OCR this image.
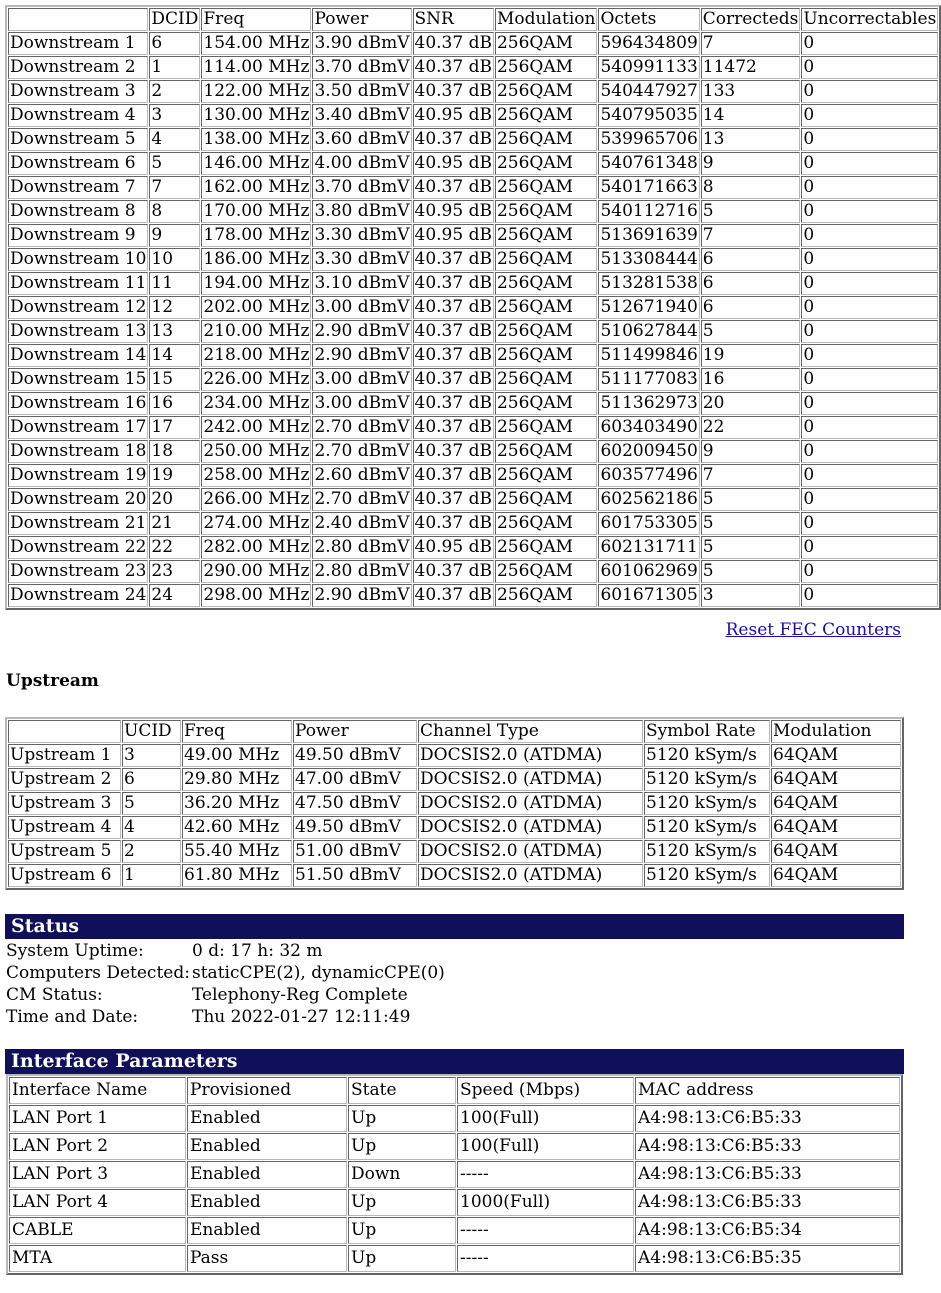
	DCID	Freq	Power	SNR	Modulation	Octets	Correcteds	Uncorrectables
Downstream 1	6	154.00 MHz	3.90 dBmV	40.37 dB	256QAM	596434809	7	0
Downstream 2	1	114.00 MHz	3.70 dBmV	40.37 dB	256QAM	540991133	11472	0
Downstream 3	2	122.00 MHz	3.50 dBmV	40.37 dB	256QAM	540447927	133	0
Downstream 4	3	130.00 MHz	3.40 dBmV	40.95 dB	256QAM	540795035	14	0
Downstream 5	4	138.00 MHz	3.60 dBmV	40.37 dB	256QAM	539965706	13	0
Downstream 6	5	146.00 MHz	4.00 dBmV	40.95 dB	256QAM	540761348	9	0
Downstream 7	7	162.00 MHz	3.70 dBmV	40.37 dB	256QAM	540171663	8	0
Downstream 8	8	170.00 MHz	3.80 dBmV	40.95 dB	256QAM	540112716	5	0
Downstream 9	9	178.00 MHz	3.30 dBmV	40.95 dB	256QAM	513691639	7	0
Downstream 10	10	186.00 MHz	3.30 dBmV	40.37 dB	256QAM	513308444	6	0
Downstream 11	11	194.00 MHz	3.10 dBmV	40.37 dB	256QAM	513281538	6	0
Downstream 12	12	202.00 MHz	3.00 dBmV	40.37 dB	256QAM	512671940	6	0
Downstream 13	13	210.00 MHz	2.90 dBmV	40.37 dB	256QAM	510627844	5	0
Downstream 14	14	218.00 MHz	2.90 dBmV	40.37 dB	256QAM	511499846	19	0
Downstream 15	15	226.00 MHz	3.00 dBmV	40.37 dB	256QAM	511177083	16	0
Downstream 16	16	234.00 MHz	3.00 dBmV	40.37 dB	256QAM	511362973	20	0
Downstream 17	17	242.00 MHz	2.70 dBmV	40.37 dB	256QAM	603403490	22	0
Downstream 18	18	250.00 MHz	2.70 dBmV	40.37 dB	256QAM	602009450	9	0
Downstream 19	19	258.00 MHz	2.60 dBmV	40.37 dB	256QAM	603577496	7	0
Downstream 20	20	266.00 MHz	2.70 dBmV	40.37 dB	256QAM	602562186	5	0
Downstream 21	21	274.00 MHz	2.40 dBmV	40.37 dB	256QAM	601753305	5	0
Downstream 22	22	282.00 MHz	2.80 dBmV	40.95 dB	256QAM	602131711	5	0
Downstream 23	23	290.00 MHz	2.80 dBmV	40.37 dB	256QAM	601062969	5	0
Downstream 24	24	298.00 MHz	2.90 dBmV	40.37 dB	256QAM	601671305	3	0
Reset FEC Counters
Upstream
	UCID	Freq	Power	Channel Type	Symbol Rate	Modulation
Upstream 1	3	49.00 MHz	49.50 dBmV	DOCSIS2.0 (ATDMA)	5120 kSym/s	64QAM
Upstream 2	6	29.80 MHz	47.00 dBmV	DOCSIS2.0 (ATDMA)	5120 kSym/s	64QAM
Upstream 3	5	36.20 MHz	47.50 dBmV	DOCSIS2.0 (ATDMA)	5120 kSym/s	64QAM
Upstream 4	4	42.60 MHz	49.50 dBmV	DOCSIS2.0 (ATDMA)	5120 kSym/s	64QAM
Upstream 5	2	55.40 MHz	51.00 dBmV	DOCSIS2.0 (ATDMA)	5120 kSym/s	64QAM
Upstream 6	1	61.80 MHz	51.50 dBmV	DOCSIS2.0 (ATDMA)	5120 kSym/s	64QAM
Status
System Uptime:	0 d: 17 h: 32 m
Computers Detected: staticCPE(2), dynamicCPE(0)
CM Status:	Telephony-Reg Complete
Time and Date:	Thu 2022-01-27 12:11:49
Interface Parameters
Interface Name	Provisioned	State	Speed (Mbps)	MAC address
LAN Port 1	Enabled	Up	100(Full)	A4:98:13:C6:B5:33
LAN Port 2	Enabled	Up	100(Full)	A4:98:13:C6:B5:33
LAN Port 3	Enabled	Down	-----	A4:98:13:C6:B5:33
LAN Port 4	Enabled	Up	1000(Full)	A4:98:13:C6:B5:33
CABLE	Enabled	Up	-----	A4:98:13:C6:B5:34
MTA	Pass	Up	-----	A4:98:13:C6:B5:35
